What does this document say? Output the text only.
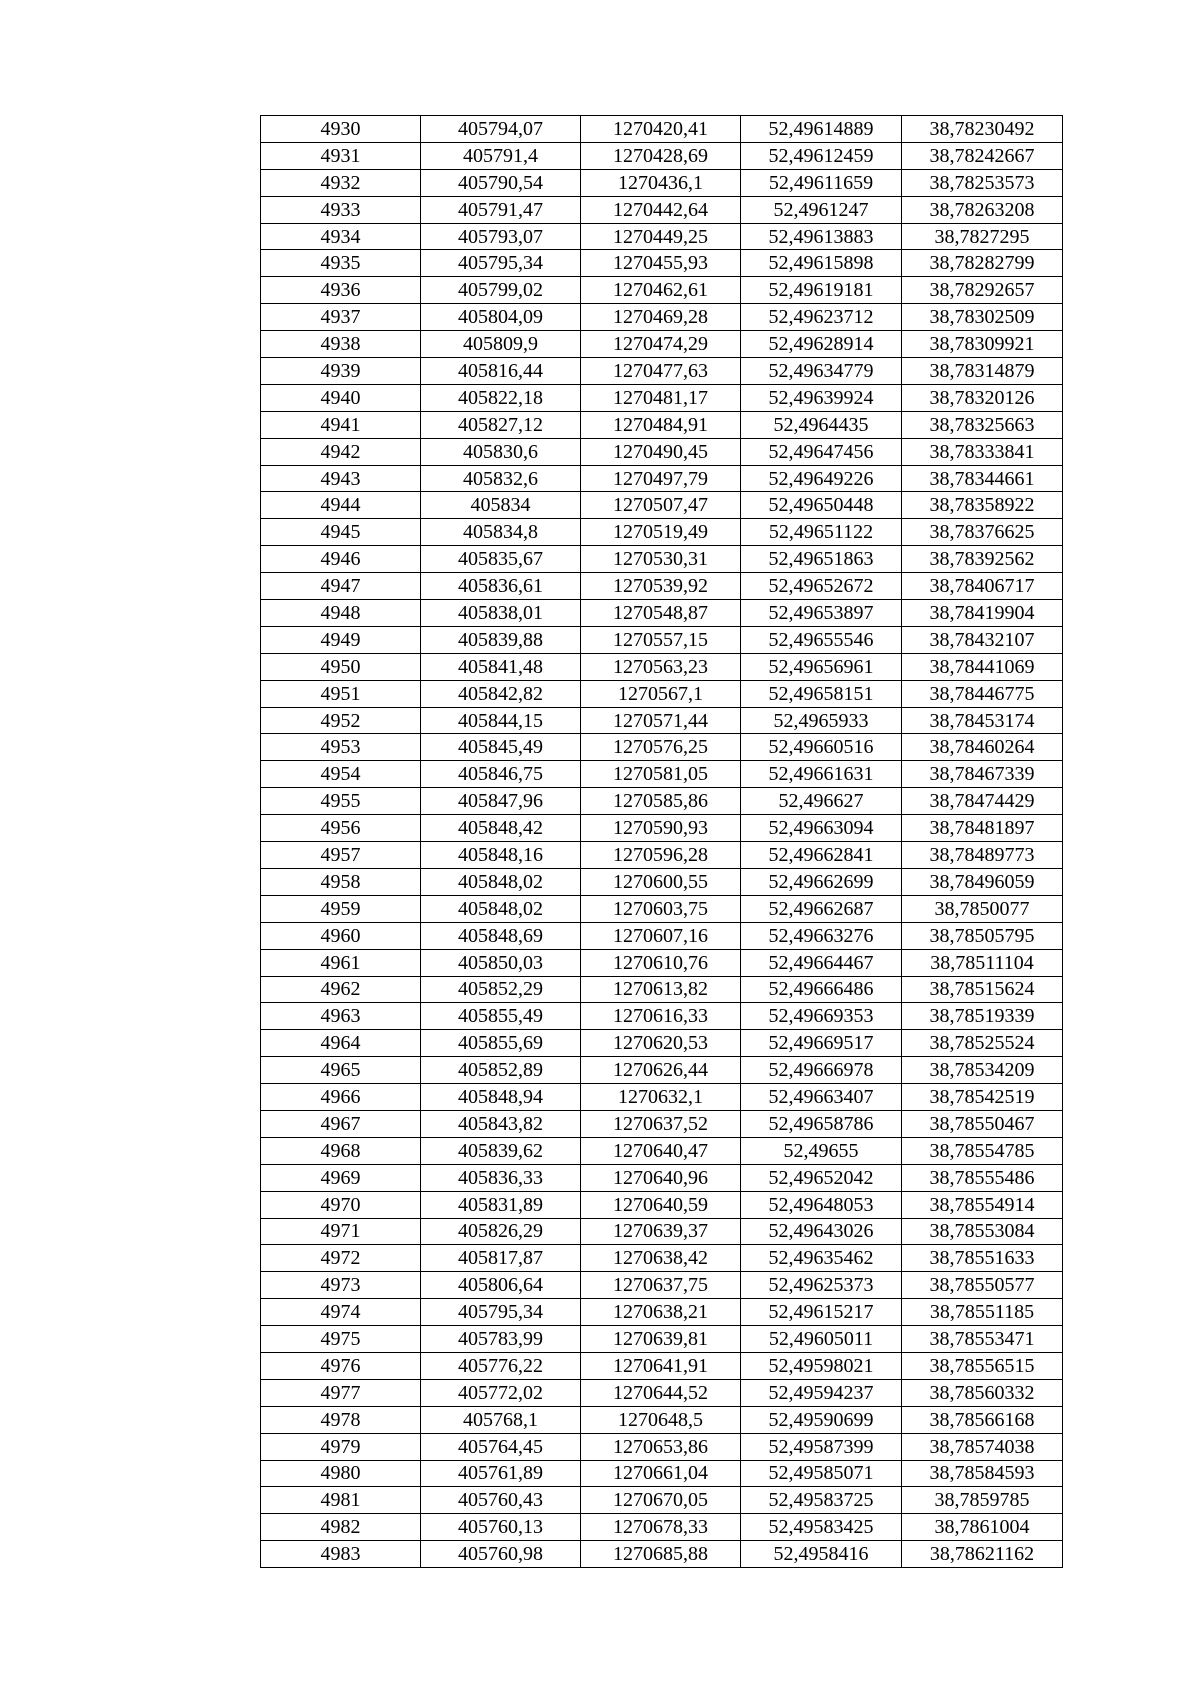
4930	405794,07	1270420,41	52,49614889	38,78230492
4931	405791,4	1270428,69	52,49612459	38,78242667
4932	405790,54	1270436,1	52,49611659	38,78253573
4933	405791,47	1270442,64	52,4961247	38,78263208
4934	405793,07	1270449,25	52,49613883	38,7827295
4935	405795,34	1270455,93	52,49615898	38,78282799
4936	405799,02	1270462,61	52,49619181	38,78292657
4937	405804,09	1270469,28	52,49623712	38,78302509
4938	405809,9	1270474,29	52,49628914	38,78309921
4939	405816,44	1270477,63	52,49634779	38,78314879
4940	405822,18	1270481,17	52,49639924	38,78320126
4941	405827,12	1270484,91	52,4964435	38,78325663
4942	405830,6	1270490,45	52,49647456	38,78333841
4943	405832,6	1270497,79	52,49649226	38,78344661
4944	405834	1270507,47	52,49650448	38,78358922
4945	405834,8	1270519,49	52,49651122	38,78376625
4946	405835,67	1270530,31	52,49651863	38,78392562
4947	405836,61	1270539,92	52,49652672	38,78406717
4948	405838,01	1270548,87	52,49653897	38,78419904
4949	405839,88	1270557,15	52,49655546	38,78432107
4950	405841,48	1270563,23	52,49656961	38,78441069
4951	405842,82	1270567,1	52,49658151	38,78446775
4952	405844,15	1270571,44	52,4965933	38,78453174
4953	405845,49	1270576,25	52,49660516	38,78460264
4954	405846,75	1270581,05	52,49661631	38,78467339
4955	405847,96	1270585,86	52,496627	38,78474429
4956	405848,42	1270590,93	52,49663094	38,78481897
4957	405848,16	1270596,28	52,49662841	38,78489773
4958	405848,02	1270600,55	52,49662699	38,78496059
4959	405848,02	1270603,75	52,49662687	38,7850077
4960	405848,69	1270607,16	52,49663276	38,78505795
4961	405850,03	1270610,76	52,49664467	38,78511104
4962	405852,29	1270613,82	52,49666486	38,78515624
4963	405855,49	1270616,33	52,49669353	38,78519339
4964	405855,69	1270620,53	52,49669517	38,78525524
4965	405852,89	1270626,44	52,49666978	38,78534209
4966	405848,94	1270632,1	52,49663407	38,78542519
4967	405843,82	1270637,52	52,49658786	38,78550467
4968	405839,62	1270640,47	52,49655	38,78554785
4969	405836,33	1270640,96	52,49652042	38,78555486
4970	405831,89	1270640,59	52,49648053	38,78554914
4971	405826,29	1270639,37	52,49643026	38,78553084
4972	405817,87	1270638,42	52,49635462	38,78551633
4973	405806,64	1270637,75	52,49625373	38,78550577
4974	405795,34	1270638,21	52,49615217	38,78551185
4975	405783,99	1270639,81	52,49605011	38,78553471
4976	405776,22	1270641,91	52,49598021	38,78556515
4977	405772,02	1270644,52	52,49594237	38,78560332
4978	405768,1	1270648,5	52,49590699	38,78566168
4979	405764,45	1270653,86	52,49587399	38,78574038
4980	405761,89	1270661,04	52,49585071	38,78584593
4981	405760,43	1270670,05	52,49583725	38,7859785
4982	405760,13	1270678,33	52,49583425	38,7861004
4983	405760,98	1270685,88	52,4958416	38,78621162
